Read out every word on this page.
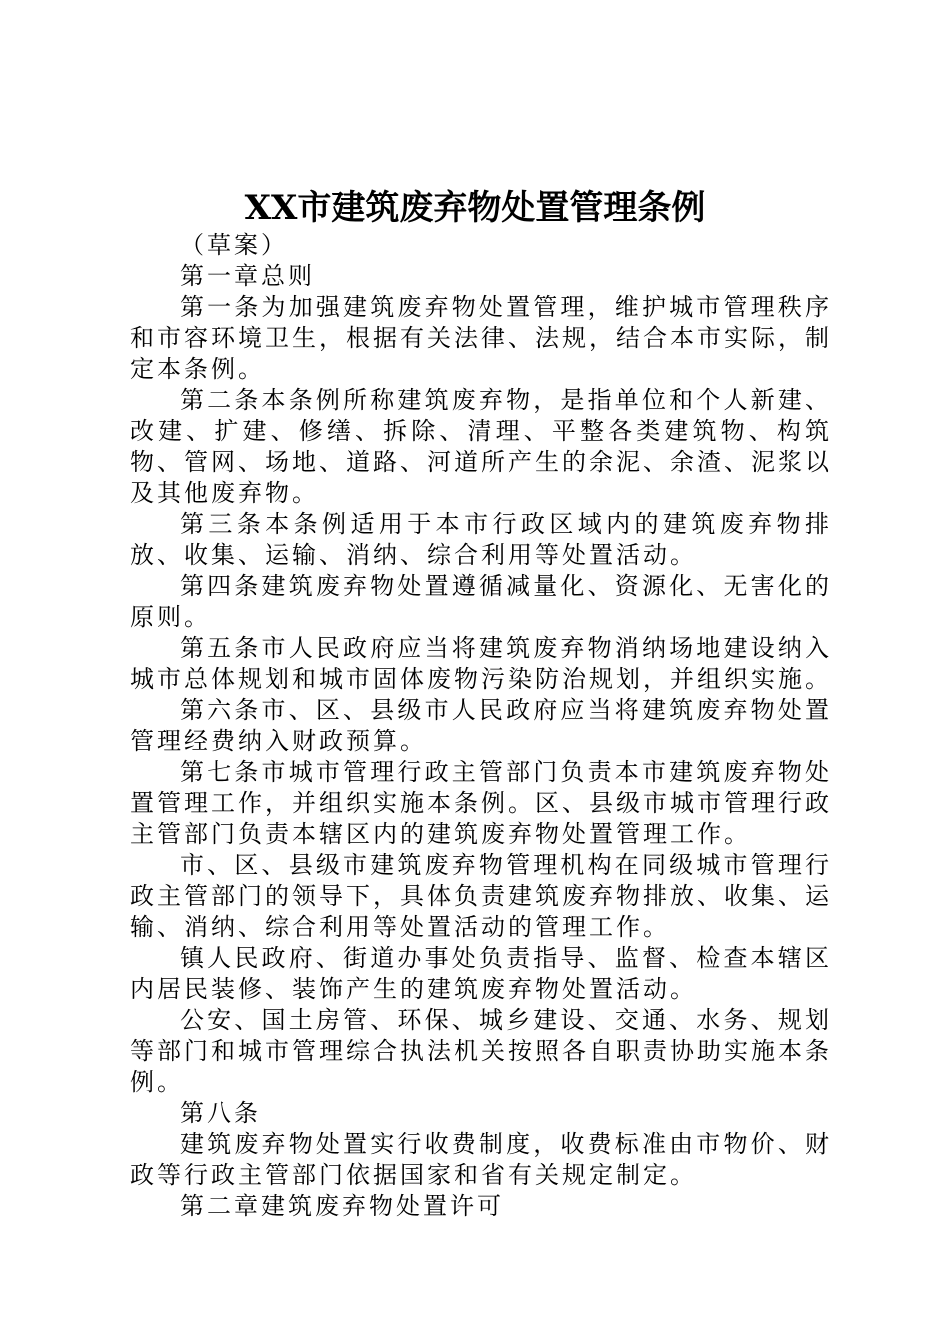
XX市建筑废弃物处置管理条例

（草案）

第一章总则

第一条为加强建筑废弃物处置管理，维护城市管理秩序和市容环境卫生，根据有关法律、法规，结合本市实际，制定本条例。

第二条本条例所称建筑废弃物，是指单位和个人新建、改建、扩建、修缮、拆除、清理、平整各类建筑物、构筑物、管网、场地、道路、河道所产生的余泥、余渣、泥浆以及其他废弃物。

第三条本条例适用于本市行政区域内的建筑废弃物排放、收集、运输、消纳、综合利用等处置活动。

第四条建筑废弃物处置遵循减量化、资源化、无害化的原则。

第五条市人民政府应当将建筑废弃物消纳场地建设纳入城市总体规划和城市固体废物污染防治规划，并组织实施。

第六条市、区、县级市人民政府应当将建筑废弃物处置管理经费纳入财政预算。

第七条市城市管理行政主管部门负责本市建筑废弃物处置管理工作，并组织实施本条例。区、县级市城市管理行政主管部门负责本辖区内的建筑废弃物处置管理工作。

市、区、县级市建筑废弃物管理机构在同级城市管理行政主管部门的领导下，具体负责建筑废弃物排放、收集、运输、消纳、综合利用等处置活动的管理工作。

镇人民政府、街道办事处负责指导、监督、检查本辖区内居民装修、装饰产生的建筑废弃物处置活动。

公安、国土房管、环保、城乡建设、交通、水务、规划等部门和城市管理综合执法机关按照各自职责协助实施本条例。

第八条

建筑废弃物处置实行收费制度，收费标准由市物价、财政等行政主管部门依据国家和省有关规定制定。

第二章建筑废弃物处置许可
